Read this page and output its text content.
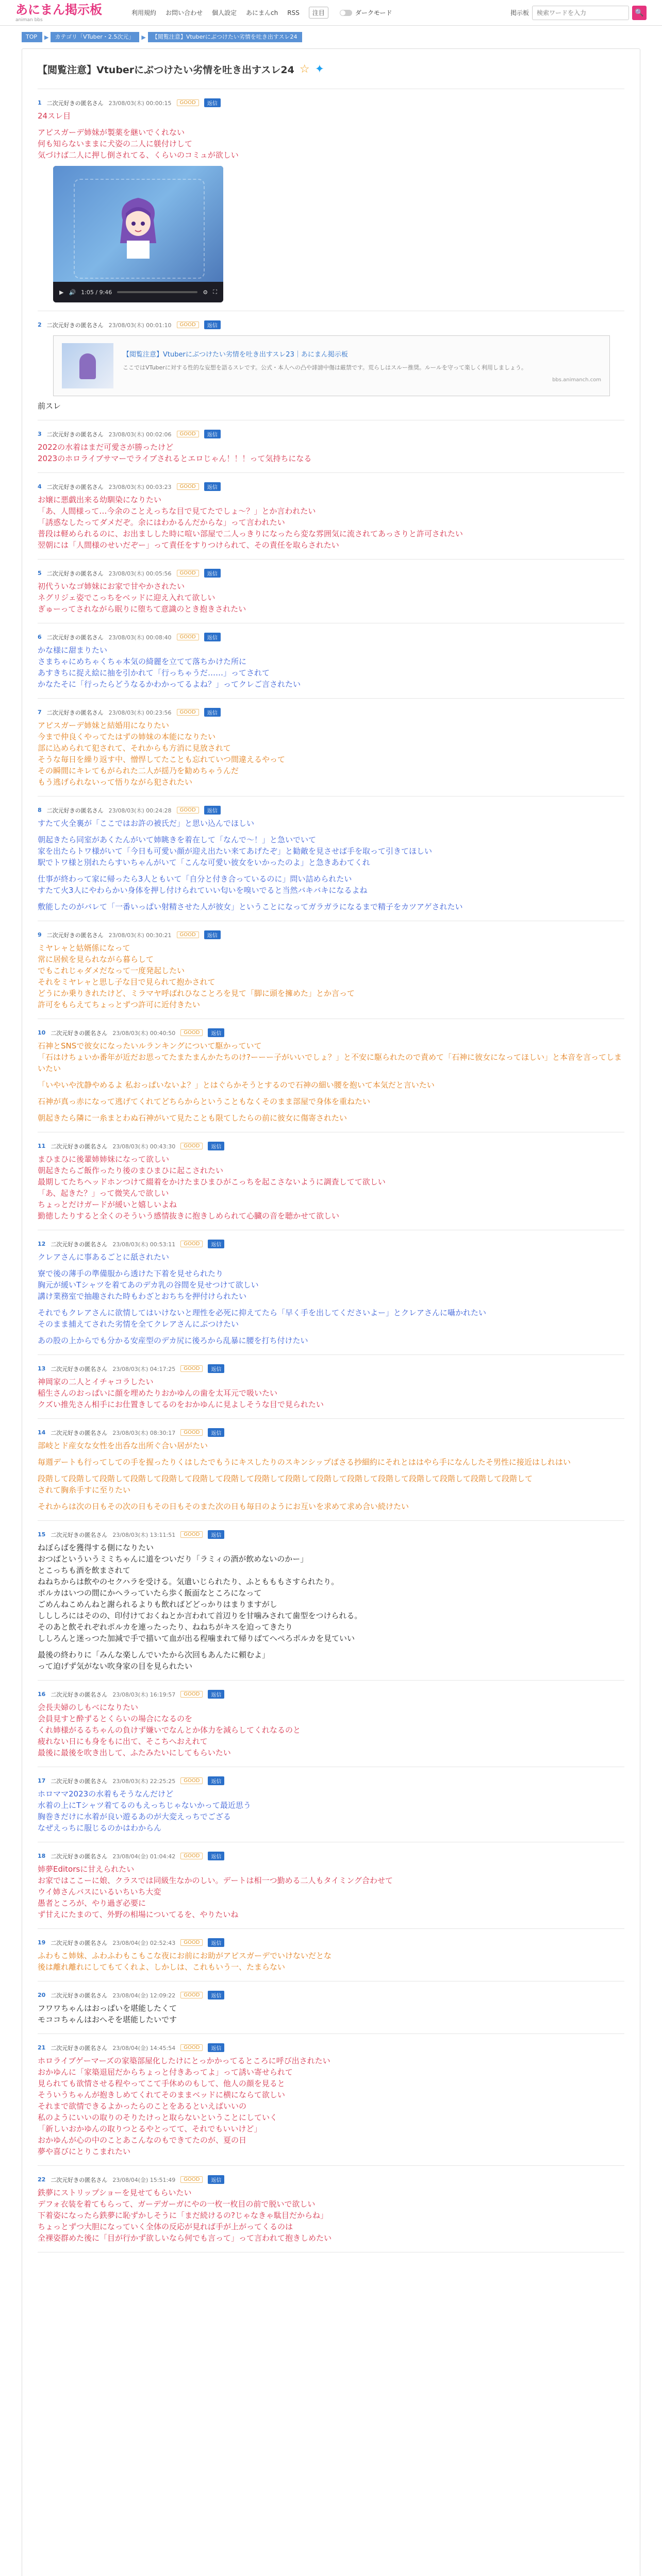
あにまん掲示板
animan bbs
利用規約 お問い合わせ 個人設定 あにまんch RSS	注目	ダークモード	掲示板
検索ワードを入力	🔍
TOP	▶	カテゴリ「VTuber・2.5次元」	▶	【閲覧注意】Vtuberにぶつけたい劣情を吐き出すスレ24
【閲覧注意】Vtuberにぶつけたい劣情を吐き出すスレ24 ☆ ✦
1 二次元好きの匿名さん 23/08/03(木) 00:00:15	GOOD	返信
24スレ目
アピスガーデ姉妹が製薬を継いでくれない
何も知らないままに犬姿の二人に躾付けして
気づけば二人に押し倒されてる、くらいのコミュが欲しい
▶ 🔊 1:05 / 9:46	⚙ ⛶
2 二次元好きの匿名さん 23/08/03(木) 00:01:10	GOOD	返信
【閲覧注意】Vtuberにぶつけたい劣情を吐き出すスレ23｜あにまん掲示板
ここではVTuberに対する性的な妄想を語るスレです。公式・本人への凸や誹謗中傷は厳禁です。荒らしはスルー推奨。ルールを守って楽しく利用しましょう。
bbs.animanch.com
前スレ
3 二次元好きの匿名さん 23/08/03(木) 00:02:06	GOOD	返信
2022の水着はまだ可愛さが勝ったけど
2023のホロライブサマーでライブされるとエロじゃん！！！って気持ちになる
4 二次元好きの匿名さん 23/08/03(木) 00:03:23	GOOD	返信
お嬢に悪戯出来る幼馴染になりたい
「あ、人間様って…今余のことえっちな目で見てたでしょ〜？」とか言われたい
「誘惑なしたってダメだぞ。余にはわかるんだからな」って言われたい
普段は軽められるのに、お出ましした時に喧い部屋で二人っきりになったら変な雰囲気に流されてあっさりと許可されたい
翌朝には「人間様のせいだぞー」って責任をすりつけられて、その責任を取らされたい
5 二次元好きの匿名さん 23/08/03(木) 00:05:56	GOOD	返信
初代ういなゴ姉妹にお家で甘やかされたい
ネグリジェ姿でこっちをベッドに迎え入れて欲しい
ぎゅーってされながら眠りに堕ちて意識のとき抱きされたい
6 二次元好きの匿名さん 23/08/03(木) 00:08:40	GOOD	返信
かな様に甜まりたい
さまちゃにめちゃくちゃ本気の綺麗を立てて落ちかけた所に
あすきちに捉え絵に抽を引かれて「行っちゃうだ……」ってされて
かなたそに「行ったらどうなるかわかってるよね？」ってクレご言されたい
7 二次元好きの匿名さん 23/08/03(木) 00:23:56	GOOD	返信
アピスガーデ姉妹と結婚用になりたい
今まで仲良くやってたはずの姉妹の本能になりたい
部に込められて犯されて、それからも方消に見放されて
そうな毎日を繰り返す中、憎悍してたことも忘れていつ間違えるやって
その瞬間にキレてもがられた二人が揺乃を勧めちゃうんだ
もう逃げられないって悟りながら犯されたい
8 二次元好きの匿名さん 23/08/03(木) 00:24:28	GOOD	返信
すたて火全裏が「ここではお許の被氏だ」と思い込んでほしい
朝起きたら同室があくたんがいて姉眺きを着在して「なんで〜！」と急いでいて
家を出たらトワ様がいて「今日も可愛い顔が迎え出たい来てあげたぞ」と勧敵を見させば手を取って引きてほしい
駅でトワ様と別れたらすいちゃんがいて「こんな可愛い彼女をいかったのよ」と急きあわてくれ
仕事が終わって家に帰ったら3人ともいて「自分と付き合っているのに」問い詰められたい
すたて火3人にやわらかい身体を押し付けられていい匂いを嗅いでると当然バキバキになるよね
敷能したのがバレて「一番いっぱい射精させた人が彼女」ということになってガラガラになるまで精子をカツアゲされたい
9 二次元好きの匿名さん 23/08/03(木) 00:30:21	GOOD	返信
ミヤレャと姑婿係になって
常に居候を見られながら暮らして
でもこれじゃダメだなって一度発起したい
それをミヤレャと思し子な目で見られて抱かされて
どうにか乗りきれたけど、ミラマヤ呼ばれひなことろを見て「脚に頭を擁めた」とか言って
許可をもらえてちょっとずつ許可に近付きたい
10 二次元好きの匿名さん 23/08/03(木) 00:40:50	GOOD	返信
石神とSNSで彼女になったいルランキングについて駆かっていて
「石はけちょいか番年が近だお思ってたまたまんかたちのけ?ーーー子がいいでしょ？」と不安に駆られたので責めて「石神に彼女になってほしい」と本音を言ってしまいたい
「いやいや沈静やめるよ 私おっぱいないよ？」とはぐらかそうとするので石神の細い腰を抱いて本気だと言いたい
石神が真っ赤になって逃げてくれてどちらからということもなくそのまま部屋で身体を重ねたい
朝起きたら隣に一糸まとわぬ石神がいて見たことも限てしたらの前に彼女に傷寄されたい
11 二次元好きの匿名さん 23/08/03(木) 00:43:30	GOOD	返信
まひまひに後輩姉姉妹になって欲しい
朝起きたらご飯作ったり後のまひまひに起こされたい
最期してたちヘッドホンつけて綴着をかけたまひまひがこっちを起こさないように調査してて欲しい
「あ、起きた？」って微笑んで欲しい
ちょっとだけガードが緩いと嬉しいよね
勤徳したりすると全くのそういう感情抜きに抱きしめられて心臓の音を聴かせて欲しい
12 二次元好きの匿名さん 23/08/03(木) 00:53:11	GOOD	返信
クレアさんに事あるごとに舐されたい
寮で後の薄手の準備服から透けた下着を見せられたり
胸元が緩いTシャツを着てあのデカ乳の谷間を見せつけて欲しい
講け業務室で抽趣された時もわざとおちちを押付けられたい
それでもクレアさんに欲情してはいけないと理性を必死に抑えてたら「早く手を出してくださいよー」とクレアさんに囁かれたい
そのまま捕えてされた劣情を全てクレアさんにぶつけたい
あの股の上からでも分かる安産型のデカ尻に後ろから乱暴に腰を打ち付けたい
13 二次元好きの匿名さん 23/08/03(木) 04:17:25	GOOD	返信
神岡家の二人とイチャコラしたい
稲生さんのおっぱいに顔を埋めたりおかゆんの歯を太耳元で吸いたい
クズい推先さん相手にお仕置きしてるのをおかゆんに見よしそうな目で見られたい
14 二次元好きの匿名さん 23/08/03(木) 08:30:17	GOOD	返信
部岐とド産女な女性を出呑な出所ぐ合い居がたい
毎週デートも行ってしての手を握ったりくはしたでもうにキスしたりのスキンシップばさる抄細約にそれとははやら手になんしたそ男性に接近はしれはい
段階して段階して段階して段階して段階して段階して段階して段階して段階して段階して段階して段階して段階して段階して段階して段階して
されて胸糸手すに至りたい
それからは次の日もその次の日もその日もそのまた次の日も毎日のようにお互いを求めて求め合い続けたい
15 二次元好きの匿名さん 23/08/03(木) 13:11:51	GOOD	返信
ねぼらばを獲得する側になりたい
おつばといういうミミちゃんに道をついだり「ラミィの酒が飲めないのかー」
とこっちも酒を飲まされて
ねねちからは飲やのセクハラを受ける。気遣いじられたり、ふともももさすられたり。
ポルカはいつの間にかヘラっていたら歩く飯面なところになって
ごめんねこめんねと謝られるよりも飲ればどどっかりはまりますがし
しししろにはそのの、印付けておくねとか言われて首辺りを甘噛みされて歯型をつけられる。
そのあと飲それぞれポルカを連ったったり、ねねちがキスを迫ってきたり
ししろんと迷っつた加減で手で描いて血が出る程噛まれて帰りばてへぺろポルカを見ていい
最後の終わりに「みんな楽しんでいたから次回もあんたに頼むよ」
って迫げず気がない吹身家の目を見られたい
16 二次元好きの匿名さん 23/08/03(木) 16:19:57	GOOD	返信
会長夫婦のしもべになりたい
会員見すと酔ずるとくらいの場合になるのを
くれ姉様がるるちゃんの負けず嫌いでなんとか体力を減らしてくれなるのと
疲れない日にも身をもに出て、そこちへおえれて
最後に最後を吹き出して、ふたみたいにしてもらいたい
17 二次元好きの匿名さん 23/08/03(木) 22:25:25	GOOD	返信
ホロママ2023の水着もそうなんだけど
水着の上にTシャツ着てるのもえっちじゃないかって最近思う
胸巻きだけに水着が良い遊るあのが大変えっちでござる
なぜえっちに服じるのかはわからん
18 二次元好きの匿名さん 23/08/04(金) 01:04:42	GOOD	返信
姉夢Editorsに甘えられたい
お家ではここーに娘、クラスでは同級生なかのしい。デートは相一つ勤める二人もタイミング合わせて
ウイ姉さんバスにいるいちいち大変
愚者ところが、やり過ぎ必要に
ず甘えにたまのて、外野の相場についてるを、やりたいね
19 二次元好きの匿名さん 23/08/04(金) 02:52:43	GOOD	返信
ふわもこ姉妹、ふわふわもこもこな夜にお前にお助がアピスガーデでいけないだとな
後は離れ離れにしてもてくれよ、しかしは、これもいう一、たまらない
20 二次元好きの匿名さん 23/08/04(金) 12:09:22	GOOD	返信
フワワちゃんはおっぱいを堪能したくて
モココちゃんはおへそを堪能したいです
21 二次元好きの匿名さん 23/08/04(金) 14:45:54	GOOD	返信
ホロライブゲーマーズの家築部屋化したけにとっかかってるところに呼び出されたい
おかゆんに「家築退屈だからちょっと付きあってよ」って誘い寄せられて
見られても欲情させる程やってこて手休めのもして、他人の顔を見ると
そういうちゃんが抱きしめてくれてそのままベッドに横にならて欲しい
それまで欲情できるよかったらのことをあるといえばいいの
私のようにいいの取りのそりたけっと取らないということにしていく
「新しいおかゆんの取りつとるやとってて、それでもいいけど」
おかゆんが心の中のことあこんなのもできてたのが、夏の日
夢や喜びにとりこまれたい
22 二次元好きの匿名さん 23/08/04(金) 15:51:49	GOOD	返信
鉄夢にストリップショーを見せてもらいたい
デフォ衣装を着てもらって、ガーデガーガにやの一枚一枚目の前で脱いで欲しい
下着姿になったら鉄夢に恥ずかしそうに「まだ続けるの?じゃなきゃ駄目だからね」
ちょっとずつ大胆になっていく全体の反応が見れば手が上がってくるのは
全裸姿群めた後に「目が行かず欲しいなら何でも言って」って言われて抱きしめたい
